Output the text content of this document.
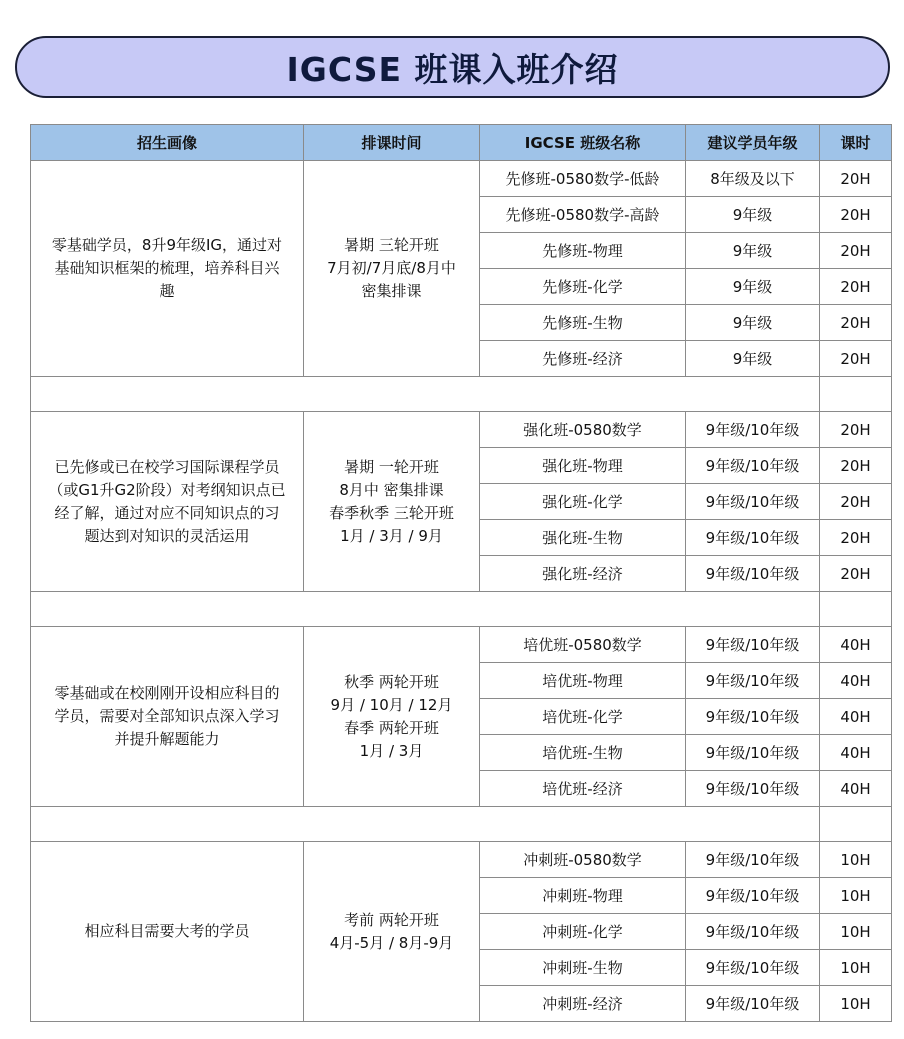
IGCSE 班课入班介绍
招生画像	排课时间	IGCSE 班级名称	建议学员年级	课时

零基础学员，8升9年级IG，通过对
基础知识框架的梳理，培养科目兴
趣	暑期 三轮开班
7月初/7月底/8月中
密集排课	先修班-0580数学-低龄	8年级及以下	20H
		先修班-0580数学-高龄	9年级	20H
		先修班-物理	9年级	20H
		先修班-化学	9年级	20H
		先修班-生物	9年级	20H
		先修班-经济	9年级	20H

已先修或已在校学习国际课程学员
（或G1升G2阶段）对考纲知识点已
经了解，通过对应不同知识点的习
题达到对知识的灵活运用	暑期 一轮开班
8月中 密集排课
春季秋季 三轮开班
1月 / 3月 / 9月	强化班-0580数学	9年级/10年级	20H
		强化班-物理	9年级/10年级	20H
		强化班-化学	9年级/10年级	20H
		强化班-生物	9年级/10年级	20H
		强化班-经济	9年级/10年级	20H

零基础或在校刚刚开设相应科目的
学员，需要对全部知识点深入学习
并提升解题能力	秋季 两轮开班
9月 / 10月 / 12月
春季 两轮开班
1月 / 3月	培优班-0580数学	9年级/10年级	40H
		培优班-物理	9年级/10年级	40H
		培优班-化学	9年级/10年级	40H
		培优班-生物	9年级/10年级	40H
		培优班-经济	9年级/10年级	40H

相应科目需要大考的学员	考前 两轮开班
4月-5月 / 8月-9月	冲刺班-0580数学	9年级/10年级	10H
		冲刺班-物理	9年级/10年级	10H
		冲刺班-化学	9年级/10年级	10H
		冲刺班-生物	9年级/10年级	10H
		冲刺班-经济	9年级/10年级	10H
